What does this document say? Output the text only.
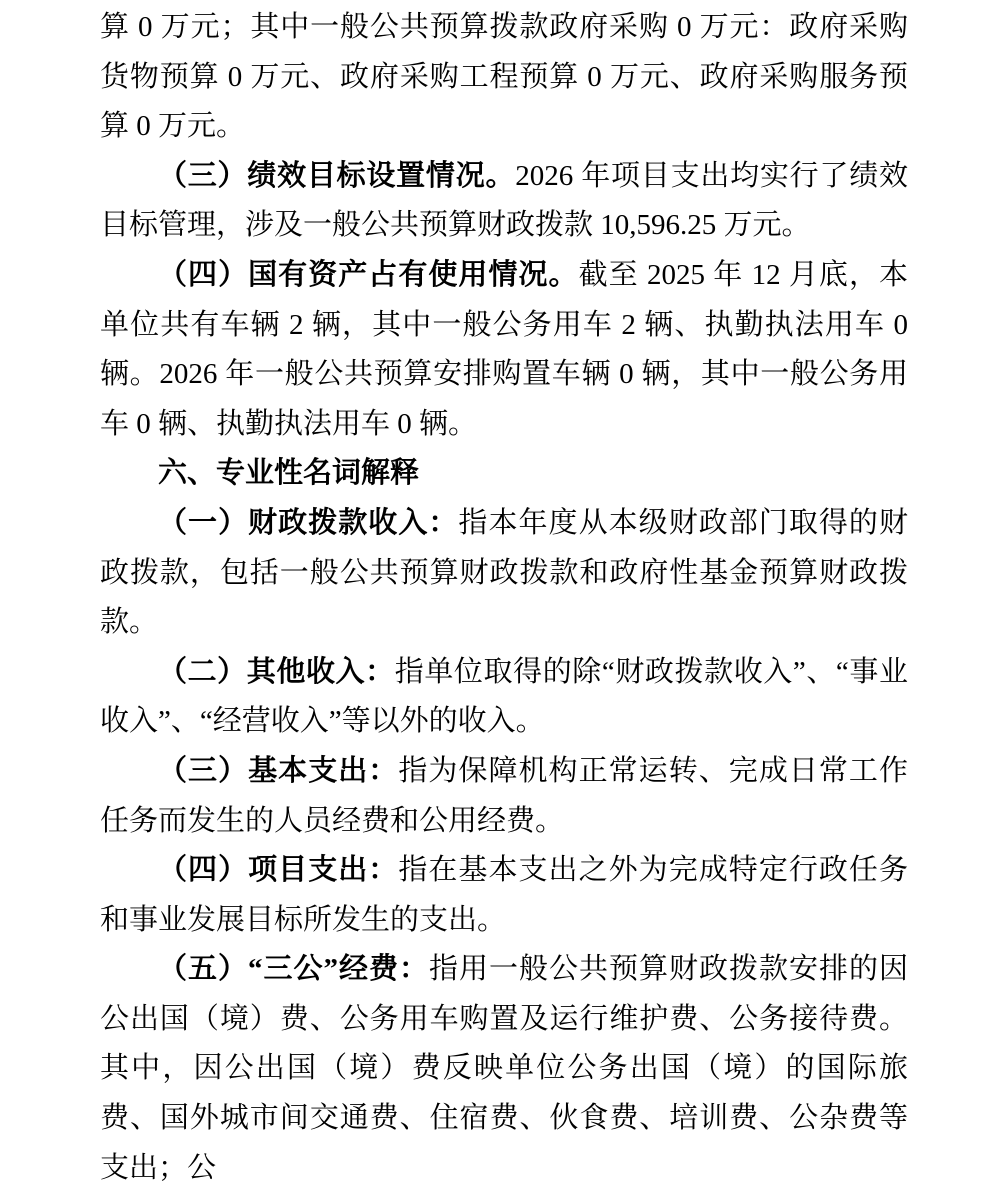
算 0 万元；其中一般公共预算拨款政府采购 0 万元：政府采购货物预算 0 万元、政府采购工程预算 0 万元、政府采购服务预算 0 万元。

（三）绩效目标设置情况。2026 年项目支出均实行了绩效目标管理，涉及一般公共预算财政拨款 10,596.25 万元。

（四）国有资产占有使用情况。截至 2025 年 12 月底，本单位共有车辆 2 辆，其中一般公务用车 2 辆、执勤执法用车 0 辆。2026 年一般公共预算安排购置车辆 0 辆，其中一般公务用车 0 辆、执勤执法用车 0 辆。

六、专业性名词解释

（一）财政拨款收入：指本年度从本级财政部门取得的财政拨款，包括一般公共预算财政拨款和政府性基金预算财政拨款。

（二）其他收入：指单位取得的除“财政拨款收入”、“事业收入”、“经营收入”等以外的收入。

（三）基本支出：指为保障机构正常运转、完成日常工作任务而发生的人员经费和公用经费。

（四）项目支出：指在基本支出之外为完成特定行政任务和事业发展目标所发生的支出。

（五）“三公”经费：指用一般公共预算财政拨款安排的因公出国（境）费、公务用车购置及运行维护费、公务接待费。其中，因公出国（境）费反映单位公务出国（境）的国际旅费、国外城市间交通费、住宿费、伙食费、培训费、公杂费等支出；公
